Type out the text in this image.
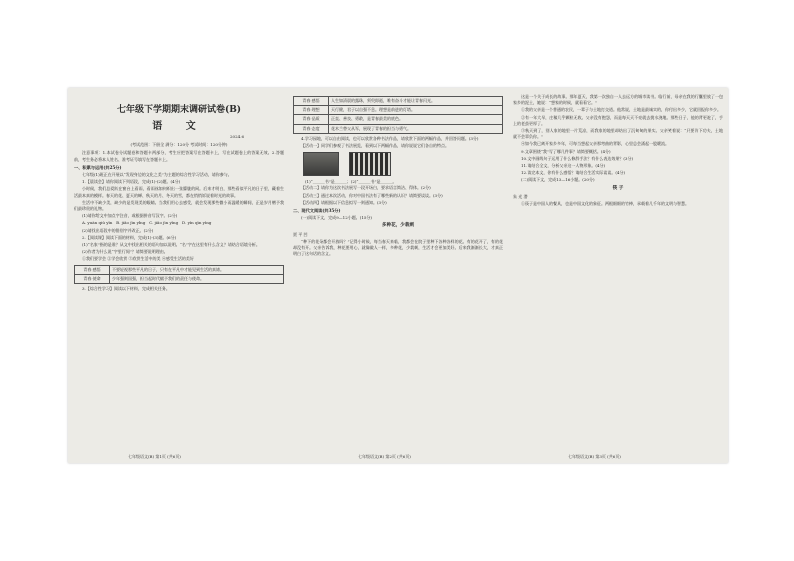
七年级下学期期末调研试卷(B)
语 文
2024.6
(考试范围：下册全 满分：120分 考试时间：120分钟)

注意事项：1.本试卷分试题卷和答题卡两部分，考生应把答案写在答题卡上，写在试题卷上的答案无效。2.答题前，考生务必将本人姓名、准考证号填写在答题卡上。

一、积累与运用(共25分)

七年级(1)班正在开展以“发现身边的文化之美”为主题的综合性学习活动，请你参与。

1.【晨读会】请你阅读下列语段，完成(1)-(2)题。(4分)

小时候，我们总爱趴在窗台上看雨，看雨丝如何织出一张朦胧的网。后来才明白，那些看似平凡的日子里，藏着生活最本真的模样。春天的花、夏天的蝉、秋天的月、冬天的雪，都在悄悄诉说着时光的故事。

生活中不缺少美，缺少的是发现美的眼睛。当我们用心去感受，就会发现那些微小而温暖的瞬间，正是岁月赠予我们最珍贵的礼物。

(1)请你给文中加点字注音，或根据拼音写汉字。(2分)

A. yuàn qiú yīn B. jiāo jìn yǐng C. jiǎo jìn yīng D. yìn qìn yìng

(2)请找出语段中的错别字并改正。(2分)

2.【阅读课】阅读下面的材料，完成(1)-(3)题。(6分)

(1)“名家”指的是谁？从文中找出相关的语句加以说明。“名”字在这里有什么含义？请结合语境分析。

(2)作者为什么说“字里行间”？请简要说明理由。

①我们要学会 ②学会欣赏 ③欣赏生活中的美 ④感受生活的美好

青春·感悟	不要轻视那些平凡的日子，只有在平凡中才能见到生活的真谛。
青春·使命	少年强则国强，担当起时代赋予我们的责任与使命。

3.【综合性学习】阅读以下材料，完成相关任务。

青春·感悟	人生如清晨的露珠，须臾即逝，唯有奋斗才能让青春闪光。
青春·理想	天行健，君子以自强不息。理想是前进的灯塔。
青春·品质	正直、善良、勇敢，是青春最美的底色。
青春·态度	花木兰替父从军，展现了青春的担当与勇气。

4.学习园地，可以自由阅读，也可以欣赏各种书法作品，请欣赏下面的两幅作品，并回答问题。(3分)

【活动一】同学们参观了书法展览，看到以下两幅作品，请你说说它们各自的特点。

(1)“______书”是______；(2)“______书”是______。

【活动二】请你为这次书法展写一段开场白，要求语言简洁、得体。(2分)

【活动三】通过本次活动，你对中国书法有了哪些新的认识？请简要谈谈。(3分)

【活动四】请根据以下信息拟写一则通知。(3分)

二、现代文阅读(共35分)

(一)阅读下文，完成9—12小题。(15分)

多种花，少栽刺

贾 平 凹

“种下的花朵都会开放吗？”记得小时候，每当春天来临，我都会在院子里种下各种各样的花。有的花开了，有的花却没有开。父亲告诉我，种花要用心，就像做人一样，多种花，少栽刺，生活才会更加美好。后来我渐渐长大，才真正明白了这句话的含义。

这是一个关于成长的故事。那年夏天，我第一次独自一人去远方的城市读书。临行前，母亲在我的行囊里放了一包家乡的泥土，她说：“想家的时候，就看看它。”

①我的父亲是一个普通的农民，一辈子与土地打交道。他常说，土地是最诚实的，你付出多少，它就回报你多少。

②有一年大旱，庄稼几乎颗粒无收。父亲没有抱怨，而是每天天不亮就去挑水浇地。那些日子，他的背更驼了，手上的老茧更厚了。

③秋天到了，别人家的地里一片荒凉，而我家的地里却结出了沉甸甸的果实。父亲笑着说：“只要肯下功夫，土地就不会辜负你。”

④如今我已离开家乡多年，可每当想起父亲那弯曲的背影，心里总会涌起一股暖流。

9.文章围绕“我”写了哪几件事？请简要概括。(4分)

10.文中画线句子运用了什么修辞手法？有什么表达效果？(3分)

11.请结合全文，分析父亲这一人物形象。(4分)

12.读完本文，你有什么感悟？请结合生活实际谈谈。(4分)

(二)阅读下文，完成13—16小题。(20分)

筷 子

朱 光 潜

①筷子是中国人的餐具，也是中国文化的象征。两根细细的竹棒，承载着几千年的文明与智慧。

七年级语文(B) 第1页 (共6页)	七年级语文(B) 第2页 (共6页)	七年级语文(B) 第3页 (共6页)
